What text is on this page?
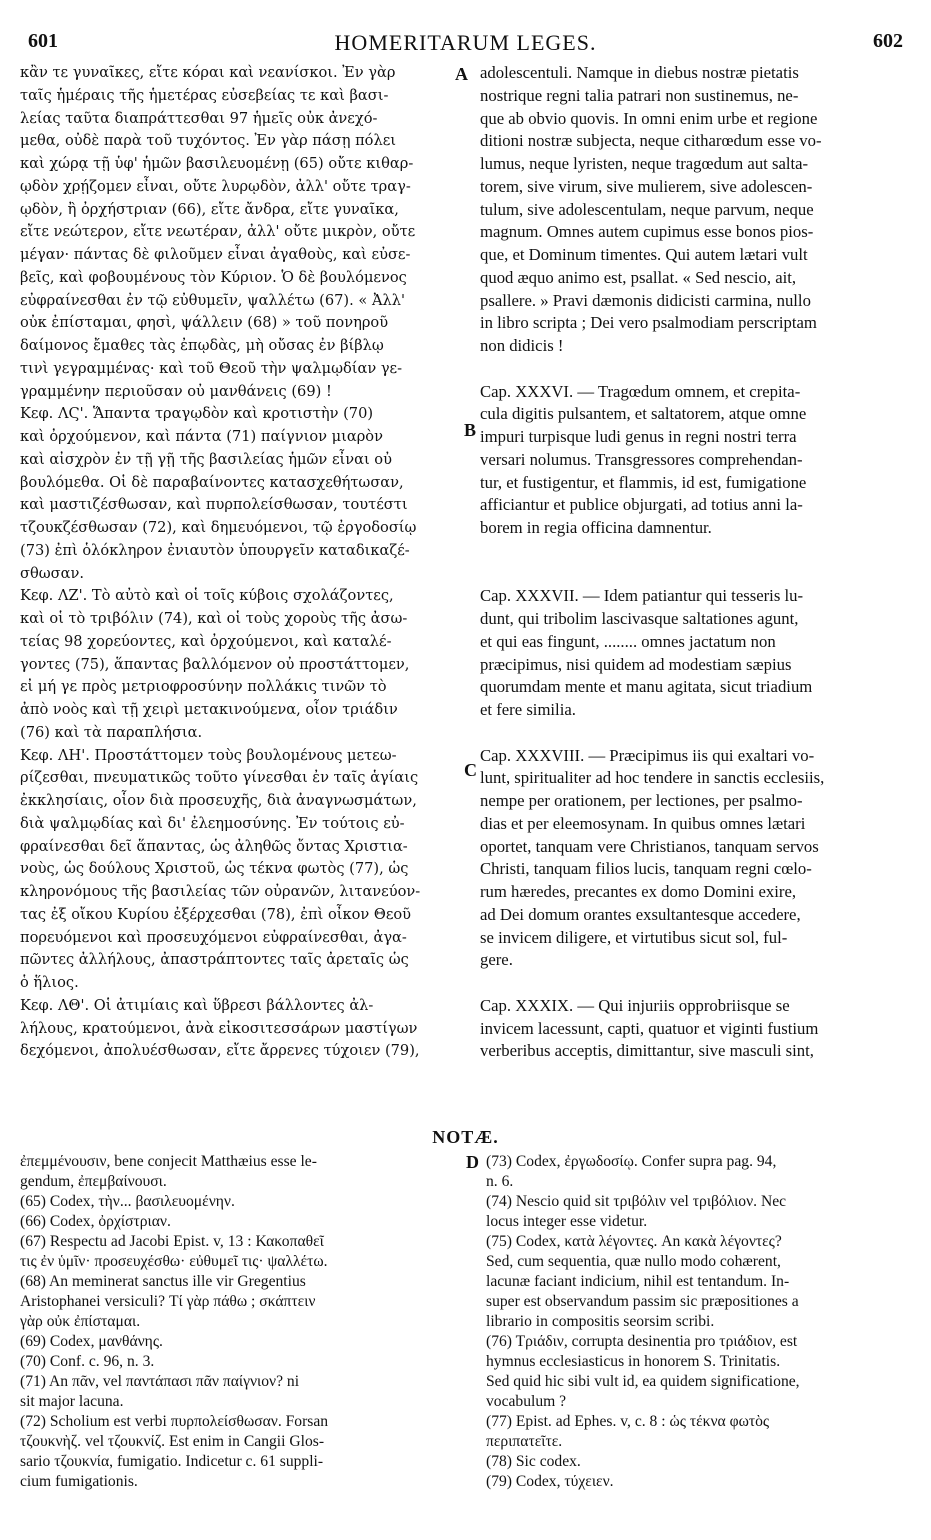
601	HOMERITARUM LEGES.	602
κἂν τε γυναῖκες, εἴτε κόραι καὶ νεανίσκοι. Ἐν γὰρ
ταῖς ἡμέραις τῆς ἡμετέρας εὐσεβείας τε καὶ βασι-
λείας ταῦτα διαπράττεσθαι 97 ἡμεῖς οὐκ ἀνεχό-
μεθα, οὐδὲ παρὰ τοῦ τυχόντος. Ἐν γὰρ πάσῃ πόλει
καὶ χώρᾳ τῇ ὑφ' ἡμῶν βασιλευομένῃ (65) οὔτε κιθαρ-
ῳδὸν χρῄζομεν εἶναι, οὔτε λυρῳδὸν, ἀλλ' οὔτε τραγ-
ῳδὸν, ἢ ὀρχήστριαν (66), εἴτε ἄνδρα, εἴτε γυναῖκα,
εἴτε νεώτερον, εἴτε νεωτέραν, ἀλλ' οὔτε μικρὸν, οὔτε
μέγαν· πάντας δὲ φιλοῦμεν εἶναι ἀγαθοὺς, καὶ εὐσε-
βεῖς, καὶ φοβουμένους τὸν Κύριον. Ὁ δὲ βουλόμενος
εὐφραίνεσθαι ἐν τῷ εὐθυμεῖν, ψαλλέτω (67). « Ἀλλ'
οὐκ ἐπίσταμαι, φησὶ, ψάλλειν (68) » τοῦ πονηροῦ
δαίμονος ἔμαθες τὰς ἐπῳδὰς, μὴ οὔσας ἐν βίβλῳ
τινὶ γεγραμμένας· καὶ τοῦ Θεοῦ τὴν ψαλμῳδίαν γε-
γραμμένην περιοῦσαν οὐ μανθάνεις (69) !
Κεφ. ΛϚ'. Ἅπαντα τραγῳδὸν καὶ κροτιστὴν (70)
καὶ ὀρχούμενον, καὶ πάντα (71) παίγνιον μιαρὸν
καὶ αἰσχρὸν ἐν τῇ γῇ τῆς βασιλείας ἡμῶν εἶναι οὐ
βουλόμεθα. Οἱ δὲ παραβαίνοντες κατασχεθήτωσαν,
καὶ μαστιζέσθωσαν, καὶ πυρπολείσθωσαν, τουτέστι
τζουκζέσθωσαν (72), καὶ δημευόμενοι, τῷ ἐργοδοσίῳ
(73) ἐπὶ ὁλόκληρον ἐνιαυτὸν ὑπουργεῖν καταδικαζέ-
σθωσαν.
Κεφ. ΛΖ'. Τὸ αὐτὸ καὶ οἱ τοῖς κύβοις σχολάζοντες,
καὶ οἱ τὸ τριβόλιν (74), καὶ οἱ τοὺς χοροὺς τῆς ἀσω-
τείας 98 χορεύοντες, καὶ ὀρχούμενοι, καὶ καταλέ-
γοντες (75), ἅπαντας βαλλόμενον οὐ προστάττομεν,
εἰ μή γε πρὸς μετριοφροσύνην πολλάκις τινῶν τὸ
ἀπὸ νοὸς καὶ τῇ χειρὶ μετακινούμενα, οἷον τριάδιν
(76) καὶ τὰ παραπλήσια.
Κεφ. ΛΗ'. Προστάττομεν τοὺς βουλομένους μετεω-
ρίζεσθαι, πνευματικῶς τοῦτο γίνεσθαι ἐν ταῖς ἁγίαις
ἐκκλησίαις, οἷον διὰ προσευχῆς, διὰ ἀναγνωσμάτων,
διὰ ψαλμῳδίας καὶ δι' ἐλεημοσύνης. Ἐν τούτοις εὐ-
φραίνεσθαι δεῖ ἅπαντας, ὡς ἀληθῶς ὄντας Χριστια-
νοὺς, ὡς δούλους Χριστοῦ, ὡς τέκνα φωτὸς (77), ὡς
κληρονόμους τῆς βασιλείας τῶν οὐρανῶν, λιτανεύον-
τας ἐξ οἴκου Κυρίου ἐξέρχεσθαι (78), ἐπὶ οἶκον Θεοῦ
πορευόμενοι καὶ προσευχόμενοι εὐφραίνεσθαι, ἀγα-
πῶντες ἀλλήλους, ἀπαστράπτοντες ταῖς ἀρεταῖς ὡς
ὁ ἥλιος.
Κεφ. ΛΘ'. Οἱ ἀτιμίαις καὶ ὕβρεσι βάλλοντες ἀλ-
λήλους, κρατούμενοι, ἀνὰ εἰκοσιτεσσάρων μαστίγων
δεχόμενοι, ἀπολυέσθωσαν, εἴτε ἄρρενες τύχοιεν (79),
adolescentuli. Namque in diebus nostræ pietatis
nostrique regni talia patrari non sustinemus, ne-
que ab obvio quovis. In omni enim urbe et regione
ditioni nostræ subjecta, neque citharœdum esse vo-
lumus, neque lyristen, neque tragœdum aut salta-
torem, sive virum, sive mulierem, sive adolescen-
tulum, sive adolescentulam, neque parvum, neque
magnum. Omnes autem cupimus esse bonos pios-
que, et Dominum timentes. Qui autem lætari vult
quod æquo animo est, psallat. « Sed nescio, ait,
psallere. » Pravi dæmonis didicisti carmina, nullo
in libro scripta ; Dei vero psalmodiam perscriptam
non didicis !

Cap. XXXVI. — Tragœdum omnem, et crepita-
cula digitis pulsantem, et saltatorem, atque omne
impuri turpisque ludi genus in regni nostri terra
versari nolumus. Transgressores comprehendan-
tur, et fustigentur, et flammis, id est, fumigatione
afficiantur et publice objurgati, ad totius anni la-
borem in regia officina damnentur.

Cap. XXXVII. — Idem patiantur qui tesseris lu-
dunt, qui tribolim lascivasque saltationes agunt,
et qui eas fingunt, ........ omnes jactatum non
præcipimus, nisi quidem ad modestiam sæpius
quorumdam mente et manu agitata, sicut triadium
et fere similia.

Cap. XXXVIII. — Præcipimus iis qui exaltari vo-
lunt, spiritualiter ad hoc tendere in sanctis ecclesiis,
nempe per orationem, per lectiones, per psalmo-
dias et per eleemosynam. In quibus omnes lætari
oportet, tanquam vere Christianos, tanquam servos
Christi, tanquam filios lucis, tanquam regni cœlo-
rum hæredes, precantes ex domo Domini exire,
ad Dei domum orantes exsultantesque accedere,
se invicem diligere, et virtutibus sicut sol, ful-
gere.

Cap. XXXIX. — Qui injuriis opprobriisque se
invicem lacessunt, capti, quatuor et viginti fustium
verberibus acceptis, dimittantur, sive masculi sint,
A
B
C
D
NOTÆ.
ἐπεμμένουσιν, bene conjecit Matthæius esse le-
gendum, ἐπεμβαίνουσι.
(65) Codex, τὴν... βασιλευομένην.
(66) Codex, ὀρχίστριαν.
(67) Respectu ad Jacobi Epist. v, 13 : Κακοπαθεῖ
τις ἐν ὑμῖν· προσευχέσθω· εὐθυμεῖ τις· ψαλλέτω.
(68) An meminerat sanctus ille vir Gregentius
Aristophanei versiculi? Τί γὰρ πάθω ; σκάπτειν
γὰρ οὐκ ἐπίσταμαι.
(69) Codex, μανθάνης.
(70) Conf. c. 96, n. 3.
(71) An πᾶν, vel παντάπασι πᾶν παίγνιον? ni
sit major lacuna.
(72) Scholium est verbi πυρπολείσθωσαν. Forsan
τζουκνὴζ. vel τζουκνίζ. Est enim in Cangii Glos-
sario τζουκνία, fumigatio. Indicetur c. 61 suppli-
cium fumigationis.
(73) Codex, ἐργωδοσίῳ. Confer supra pag. 94,
n. 6.
(74) Nescio quid sit τριβόλιν vel τριβόλιον. Nec
locus integer esse videtur.
(75) Codex, κατὰ λέγοντες. An κακὰ λέγοντες?
Sed, cum sequentia, quæ nullo modo cohærent,
lacunæ faciant indicium, nihil est tentandum. In-
super est observandum passim sic præpositiones a
librario in compositis seorsim scribi.
(76) Τριάδιν, corrupta desinentia pro τριάδιον, est
hymnus ecclesiasticus in honorem S. Trinitatis.
Sed quid hic sibi vult id, ea quidem significatione,
vocabulum ?
(77) Epist. ad Ephes. v, c. 8 : ὡς τέκνα φωτὸς
περιπατεῖτε.
(78) Sic codex.
(79) Codex, τύχειεν.
